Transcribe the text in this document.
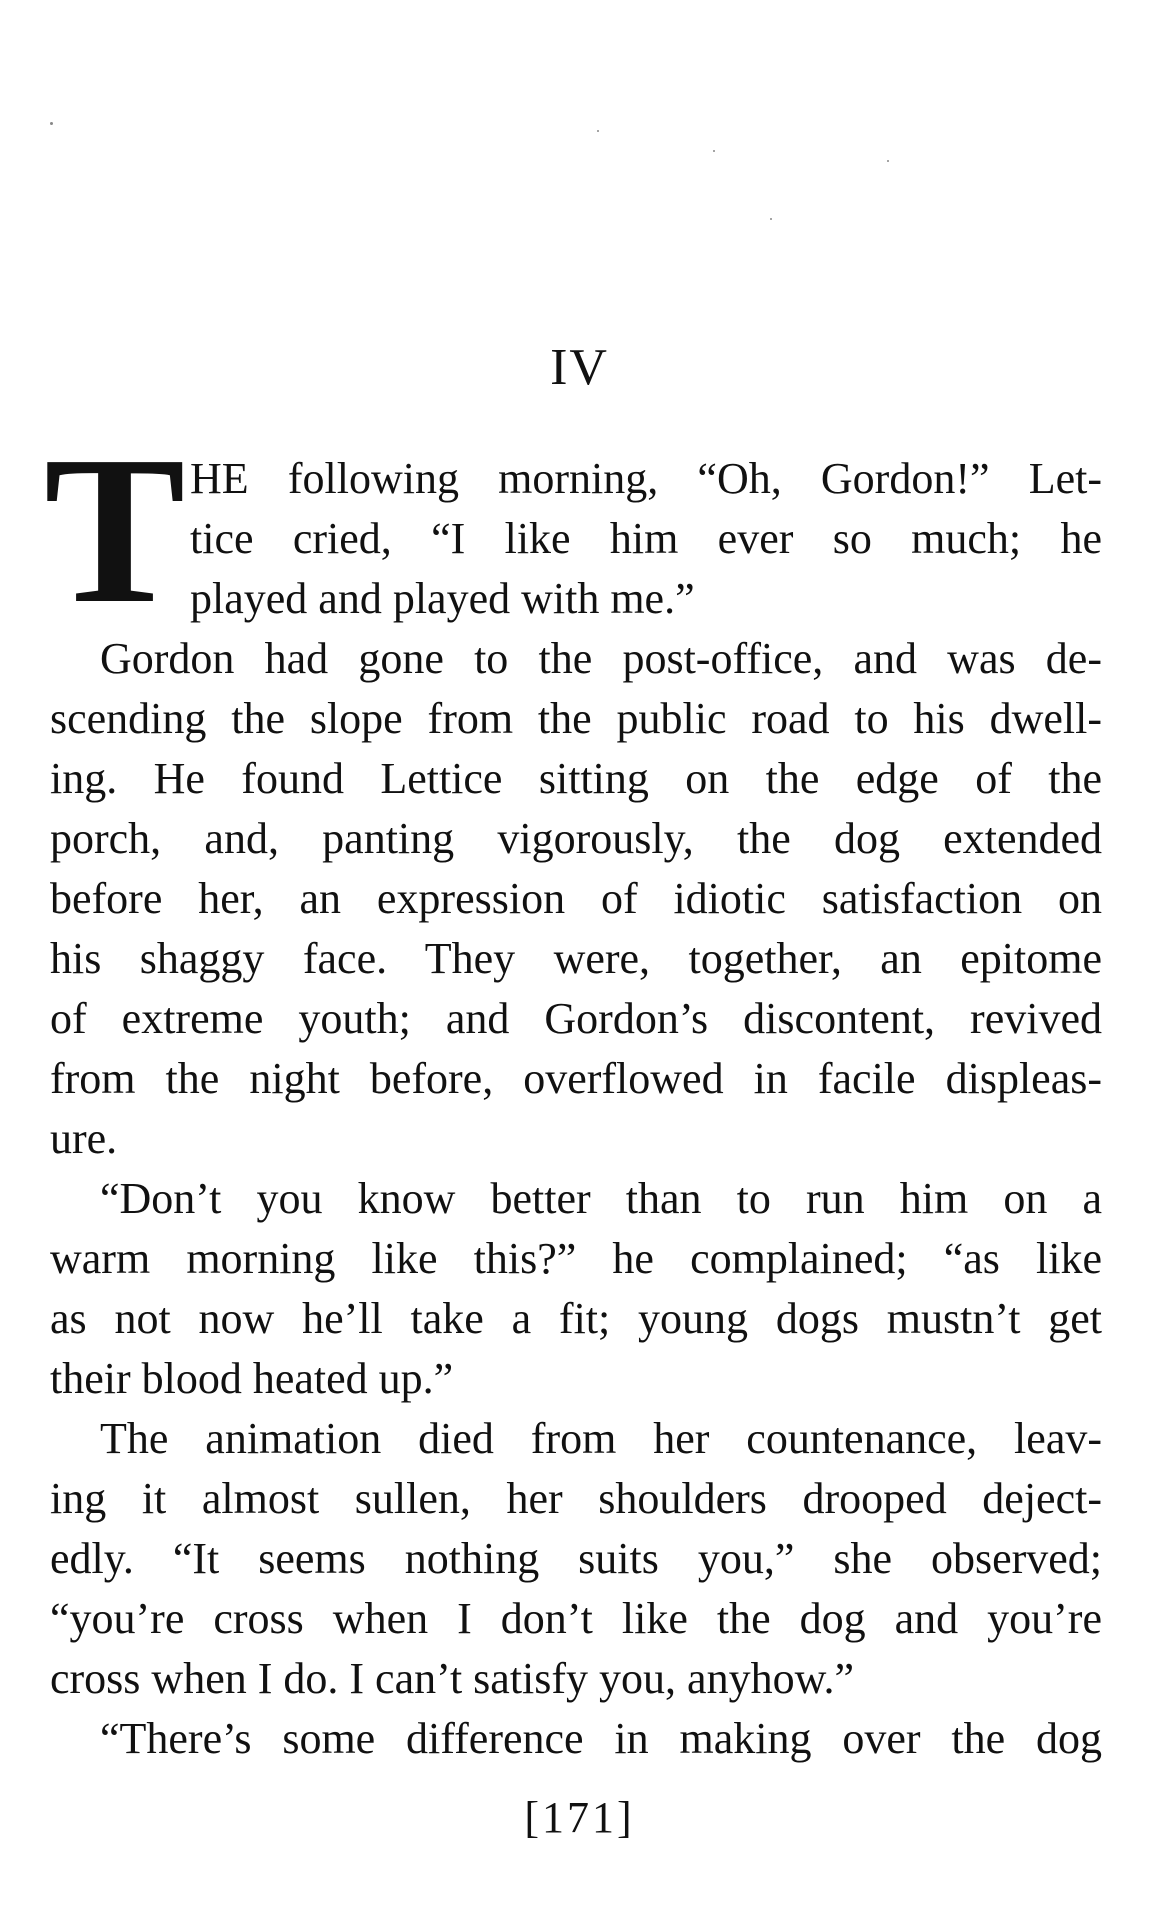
IV
T HE following morning, “Oh, Gordon!” Let-
tice cried, “I like him ever so much; he
played and played with me.”
Gordon had gone to the post-office, and was de-
scending the slope from the public road to his dwell-
ing. He found Lettice sitting on the edge of the
porch, and, panting vigorously, the dog extended
before her, an expression of idiotic satisfaction on
his shaggy face. They were, together, an epitome
of extreme youth; and Gordon’s discontent, revived
from the night before, overflowed in facile displeas-
ure.
“Don’t you know better than to run him on a
warm morning like this?” he complained; “as like
as not now he’ll take a fit; young dogs mustn’t get
their blood heated up.”
The animation died from her countenance, leav-
ing it almost sullen, her shoulders drooped deject-
edly. “It seems nothing suits you,” she observed;
“you’re cross when I don’t like the dog and you’re
cross when I do. I can’t satisfy you, anyhow.”
“There’s some difference in making over the dog
[171]
